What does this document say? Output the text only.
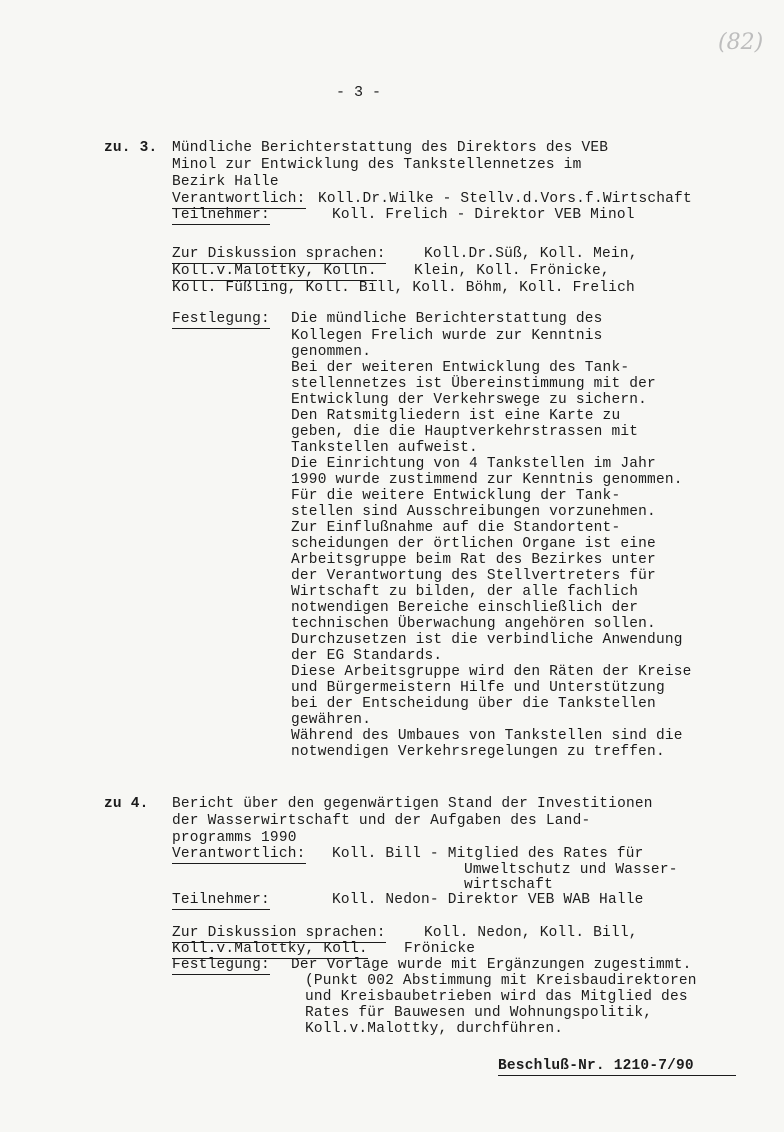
(82)
- 3 -
zu. 3. Mündliche Berichterstattung des Direktors des VEB
Minol zur Entwicklung des Tankstellennetzes im
Bezirk Halle
Verantwortlich: Koll.Dr.Wilke - Stellv.d.Vors.f.Wirtschaft
Teilnehmer:	Koll. Frelich - Direktor VEB Minol
Zur Diskussion sprachen:	Koll.Dr.Süß, Koll. Mein,
Koll.v.Malottky, Kolln.	Klein, Koll. Frönicke,
Koll. Füßling, Koll. Bill, Koll. Böhm, Koll. Frelich
Festlegung: Die mündliche Berichterstattung des
Kollegen Frelich wurde zur Kenntnis
genommen.
Bei der weiteren Entwicklung des Tank-
stellennetzes ist Übereinstimmung mit der
Entwicklung der Verkehrswege zu sichern.
Den Ratsmitgliedern ist eine Karte zu
geben, die die Hauptverkehrstrassen mit
Tankstellen aufweist.
Die Einrichtung von 4 Tankstellen im Jahr
1990 wurde zustimmend zur Kenntnis genommen.
Für die weitere Entwicklung der Tank-
stellen sind Ausschreibungen vorzunehmen.
Zur Einflußnahme auf die Standortent-
scheidungen der örtlichen Organe ist eine
Arbeitsgruppe beim Rat des Bezirkes unter
der Verantwortung des Stellvertreters für
Wirtschaft zu bilden, der alle fachlich
notwendigen Bereiche einschließlich der
technischen Überwachung angehören sollen.
Durchzusetzen ist die verbindliche Anwendung
der EG Standards.
Diese Arbeitsgruppe wird den Räten der Kreise
und Bürgermeistern Hilfe und Unterstützung
bei der Entscheidung über die Tankstellen
gewähren.
Während des Umbaues von Tankstellen sind die
notwendigen Verkehrsregelungen zu treffen.
zu 4. Bericht über den gegenwärtigen Stand der Investitionen
der Wasserwirtschaft und der Aufgaben des Land-
programms 1990
Verantwortlich: Koll. Bill - Mitglied des Rates für
Umweltschutz und Wasser-
wirtschaft
Teilnehmer:	Koll. Nedon- Direktor VEB WAB Halle
Zur Diskussion sprachen:	Koll. Nedon, Koll. Bill,
Koll.v.Malottky, Koll. Frönicke
Festlegung: Der Vorlage wurde mit Ergänzungen zugestimmt.
(Punkt 002 Abstimmung mit Kreisbaudirektoren
und Kreisbaubetrieben wird das Mitglied des
Rates für Bauwesen und Wohnungspolitik,
Koll.v.Malottky, durchführen.
Beschluß-Nr. 1210-7/90
